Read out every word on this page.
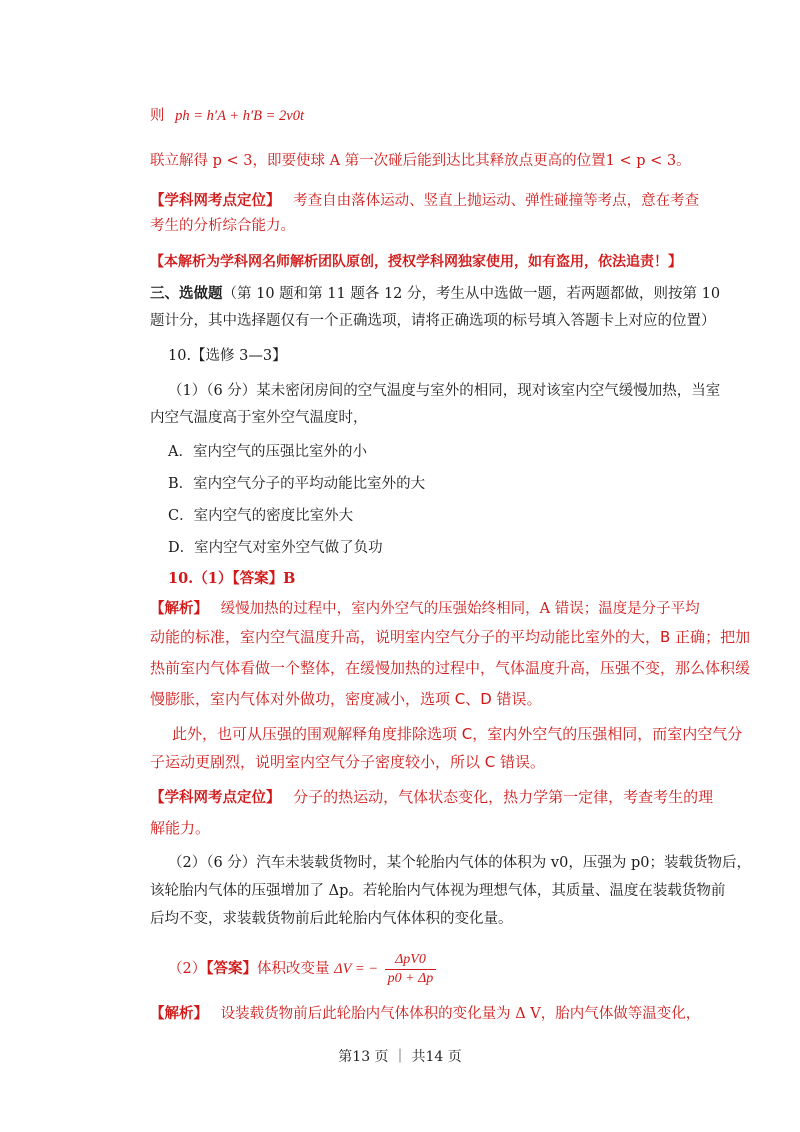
则 ph = h′A + h′B = 2v0t
联立解得 p < 3，即要使球 A 第一次碰后能到达比其释放点更高的位置1 < p < 3。
【学科网考点定位】 考查自由落体运动、竖直上抛运动、弹性碰撞等考点，意在考查
考生的分析综合能力。
【本解析为学科网名师解析团队原创，授权学科网独家使用，如有盗用，依法追责！】
三、选做题（第 10 题和第 11 题各 12 分，考生从中选做一题，若两题都做，则按第 10
题计分，其中选择题仅有一个正确选项，请将正确选项的标号填入答题卡上对应的位置）
10.【选修 3—3】
（1）（6 分）某未密闭房间的空气温度与室外的相同，现对该室内空气缓慢加热，当室
内空气温度高于室外空气温度时，
A．室内空气的压强比室外的小
B．室内空气分子的平均动能比室外的大
C．室内空气的密度比室外大
D．室内空气对室外空气做了负功
10.（1）【答案】B
【解析】 缓慢加热的过程中，室内外空气的压强始终相同，A 错误；温度是分子平均
动能的标准，室内空气温度升高，说明室内空气分子的平均动能比室外的大，B 正确；把加
热前室内气体看做一个整体，在缓慢加热的过程中，气体温度升高，压强不变，那么体积缓
慢膨胀，室内气体对外做功，密度减小，选项 C、D 错误。
此外，也可从压强的围观解释角度排除选项 C，室内外空气的压强相同，而室内空气分
子运动更剧烈，说明室内空气分子密度较小，所以 C 错误。
【学科网考点定位】 分子的热运动，气体状态变化，热力学第一定律，考查考生的理
解能力。
（2）（6 分）汽车未装载货物时，某个轮胎内气体的体积为 v0，压强为 p0；装载货物后，
该轮胎内气体的压强增加了 Δp。若轮胎内气体视为理想气体，其质量、温度在装载货物前
后均不变，求装载货物前后此轮胎内气体体积的变化量。
（2）【答案】体积改变量 ΔV = − $\frac{\text{ΔpV0}}{p0 + \Delta p}$
【解析】 设装载货物前后此轮胎内气体体积的变化量为 Δ V，胎内气体做等温变化，
第13 页 ｜ 共14 页
